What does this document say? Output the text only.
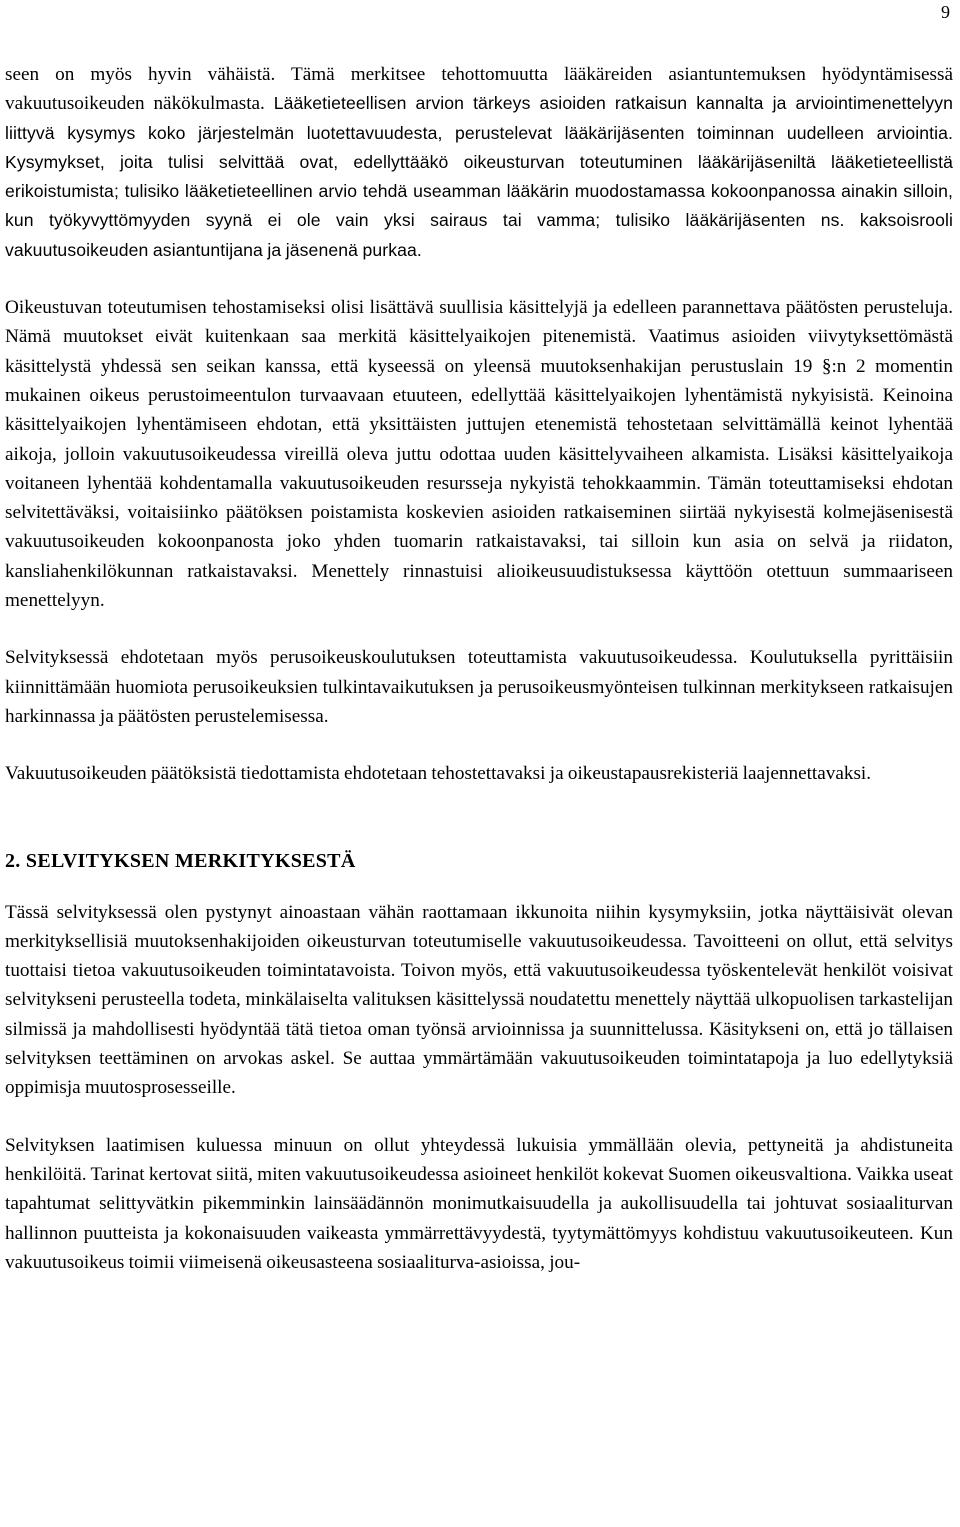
9

seen on myös hyvin vähäistä. Tämä merkitsee tehottomuutta lääkäreiden asiantuntemuksen hyödyntämisessä vakuutusoikeuden näkökulmasta. Lääketieteellisen arvion tärkeys asioiden ratkaisun kannalta ja arviointimenettelyyn liittyvä kysymys koko järjestelmän luotettavuudesta, perustelevat lääkärijäsenten toiminnan uudelleen arviointia. Kysymykset, joita tulisi selvittää ovat, edellyttääkö oikeusturvan toteutuminen lääkärijäseniltä lääketieteellistä erikoistumista; tulisiko lääketieteellinen arvio tehdä useamman lääkärin muodostamassa kokoonpanossa ainakin silloin, kun työkyvyttömyyden syynä ei ole vain yksi sairaus tai vamma; tulisiko lääkärijäsenten ns. kaksoisrooli vakuutusoikeuden asiantuntijana ja jäsenenä purkaa.

Oikeustuvan toteutumisen tehostamiseksi olisi lisättävä suullisia käsittelyjä ja edelleen parannettava päätösten perusteluja. Nämä muutokset eivät kuitenkaan saa merkitä käsittelyaikojen pitenemistä. Vaatimus asioiden viivytyksettömästä käsittelystä yhdessä sen seikan kanssa, että kyseessä on yleensä muutoksenhakijan perustuslain 19 §:n 2 momentin mukainen oikeus perustoimeentulon turvaavaan etuuteen, edellyttää käsittelyaikojen lyhentämistä nykyisistä. Keinoina käsittelyaikojen lyhentämiseen ehdotan, että yksittäisten juttujen etenemistä tehostetaan selvittämällä keinot lyhentää aikoja, jolloin vakuutusoikeudessa vireillä oleva juttu odottaa uuden käsittelyvaiheen alkamista. Lisäksi käsittelyaikoja voitaneen lyhentää kohdentamalla vakuutusoikeuden resursseja nykyistä tehokkaammin. Tämän toteuttamiseksi ehdotan selvitettäväksi, voitaisiinko päätöksen poistamista koskevien asioiden ratkaiseminen siirtää nykyisestä kolmejäsenisestä vakuutusoikeuden kokoonpanosta joko yhden tuomarin ratkaistavaksi, tai silloin kun asia on selvä ja riidaton, kansliahenkilökunnan ratkaistavaksi. Menettely rinnastuisi alioikeusuudistuksessa käyttöön otettuun summaariseen menettelyyn.

Selvityksessä ehdotetaan myös perusoikeuskoulutuksen toteuttamista vakuutusoikeudessa. Koulutuksella pyrittäisiin kiinnittämään huomiota perusoikeuksien tulkintavaikutuksen ja perusoikeusmyönteisen tulkinnan merkitykseen ratkaisujen harkinnassa ja päätösten perustelemisessa.

Vakuutusoikeuden päätöksistä tiedottamista ehdotetaan tehostettavaksi ja oikeustapausrekisteriä laajennettavaksi.

2. SELVITYKSEN MERKITYKSESTÄ

Tässä selvityksessä olen pystynyt ainoastaan vähän raottamaan ikkunoita niihin kysymyksiin, jotka näyttäisivät olevan merkityksellisiä muutoksenhakijoiden oikeusturvan toteutumiselle vakuutusoikeudessa. Tavoitteeni on ollut, että selvitys tuottaisi tietoa vakuutusoikeuden toimintatavoista. Toivon myös, että vakuutusoikeudessa työskentelevät henkilöt voisivat selvitykseni perusteella todeta, minkälaiselta valituksen käsittelyssä noudatettu menettely näyttää ulkopuolisen tarkastelijan silmissä ja mahdollisesti hyödyntää tätä tietoa oman työnsä arvioinnissa ja suunnittelussa. Käsitykseni on, että jo tällaisen selvityksen teettäminen on arvokas askel. Se auttaa ymmärtämään vakuutusoikeuden toimintatapoja ja luo edellytyksiä oppimisja muutosprosesseille.

Selvityksen laatimisen kuluessa minuun on ollut yhteydessä lukuisia ymmällään olevia, pettyneitä ja ahdistuneita henkilöitä. Tarinat kertovat siitä, miten vakuutusoikeudessa asioineet henkilöt kokevat Suomen oikeusvaltiona. Vaikka useat tapahtumat selittyvätkin pikemminkin lainsäädännön monimutkaisuudella ja aukollisuudella tai johtuvat sosiaaliturvan hallinnon puutteista ja kokonaisuuden vaikeasta ymmärrettävyydestä, tyytymättömyys kohdistuu vakuutusoikeuteen. Kun vakuutusoikeus toimii viimeisenä oikeusasteena sosiaaliturva-asioissa, jou-
